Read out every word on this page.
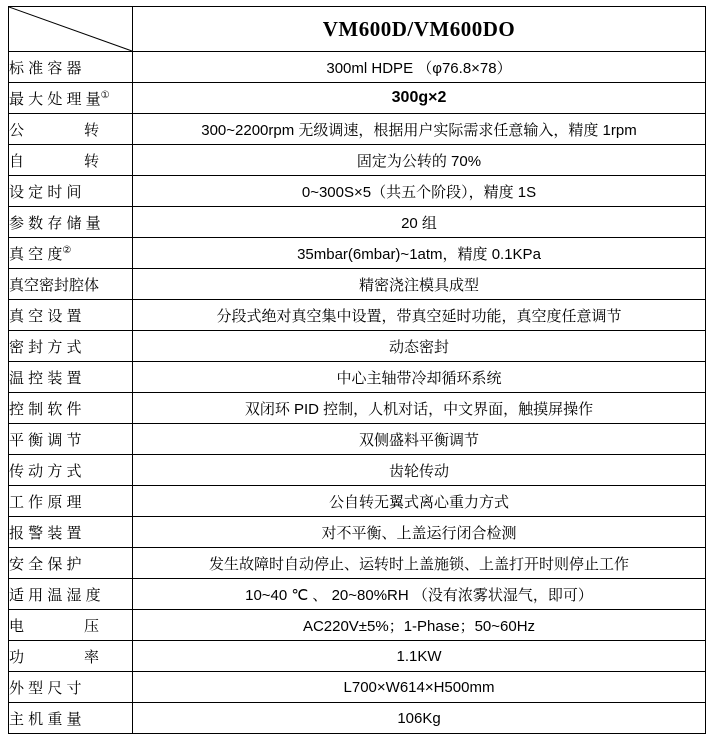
	VM600D/VM600DO
标 准 容 器	300ml HDPE （φ76.8×78）
最 大 处 理 量①	300g×2
公　　　　转	300~2200rpm 无级调速，根据用户实际需求任意输入，精度 1rpm
自　　　　转	固定为公转的 70%
设 定 时 间	0~300S×5（共五个阶段），精度 1S
参 数 存 储 量	20 组
真 空 度②	35mbar(6mbar)~1atm，精度 0.1KPa
真空密封腔体	精密浇注模具成型
真 空 设 置	分段式绝对真空集中设置，带真空延时功能，真空度任意调节
密 封 方 式	动态密封
温 控 装 置	中心主轴带冷却循环系统
控 制 软 件	双闭环 PID 控制，人机对话，中文界面，触摸屏操作
平 衡 调 节	双侧盛料平衡调节
传 动 方 式	齿轮传动
工 作 原 理	公自转无翼式离心重力方式
报 警 装 置	对不平衡、上盖运行闭合检测
安 全 保 护	发生故障时自动停止、运转时上盖施锁、上盖打开时则停止工作
适 用 温 湿 度	10~40 ℃ 、 20~80%RH （没有浓雾状湿气，即可）
电　　　　压	AC220V±5%；1-Phase；50~60Hz
功　　　　率	1.1KW
外 型 尺 寸	L700×W614×H500mm
主 机 重 量	106Kg
